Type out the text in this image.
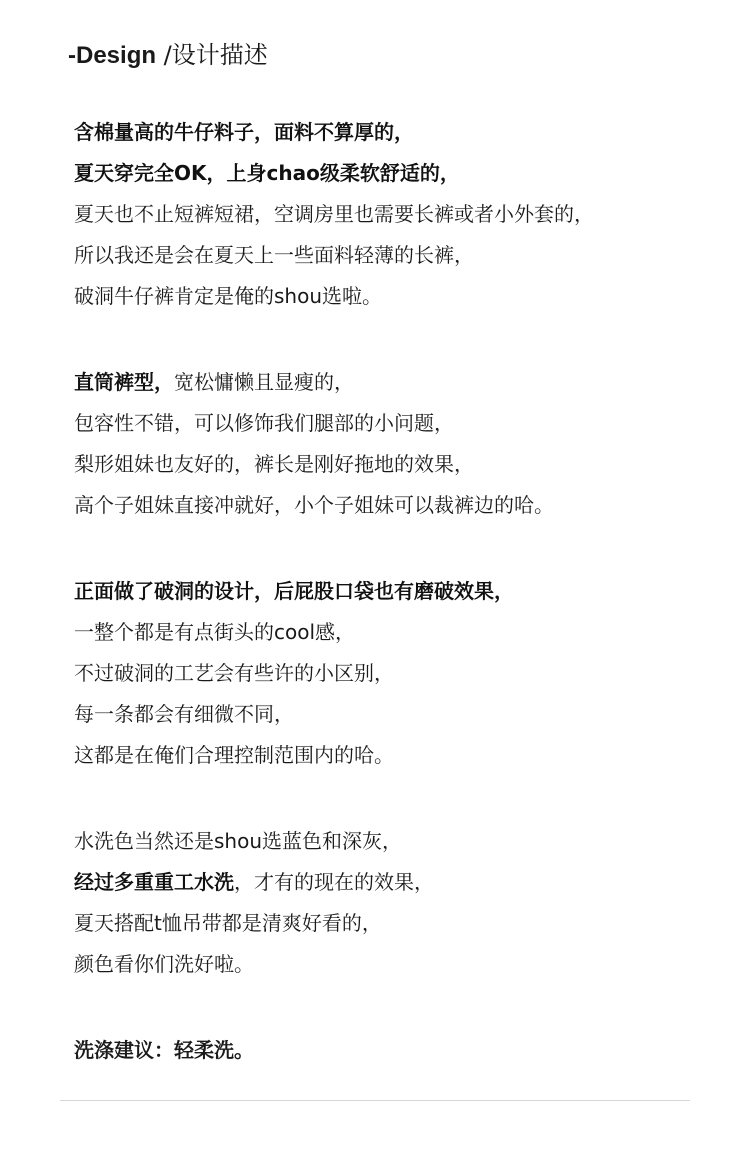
-Design /设计描述
含棉量高的牛仔料子，面料不算厚的，
夏天穿完全OK，上身chao级柔软舒适的，
夏天也不止短裤短裙，空调房里也需要长裤或者小外套的，
所以我还是会在夏天上一些面料轻薄的长裤，
破洞牛仔裤肯定是俺的shou选啦。
直筒裤型，宽松慵懒且显瘦的，
包容性不错，可以修饰我们腿部的小问题，
梨形姐妹也友好的，裤长是刚好拖地的效果，
高个子姐妹直接冲就好，小个子姐妹可以裁裤边的哈。
正面做了破洞的设计，后屁股口袋也有磨破效果，
一整个都是有点街头的cool感，
不过破洞的工艺会有些许的小区别，
每一条都会有细微不同，
这都是在俺们合理控制范围内的哈。
水洗色当然还是shou选蓝色和深灰，
经过多重重工水洗，才有的现在的效果，
夏天搭配t恤吊带都是清爽好看的，
颜色看你们洗好啦。
洗涤建议：轻柔洗。
